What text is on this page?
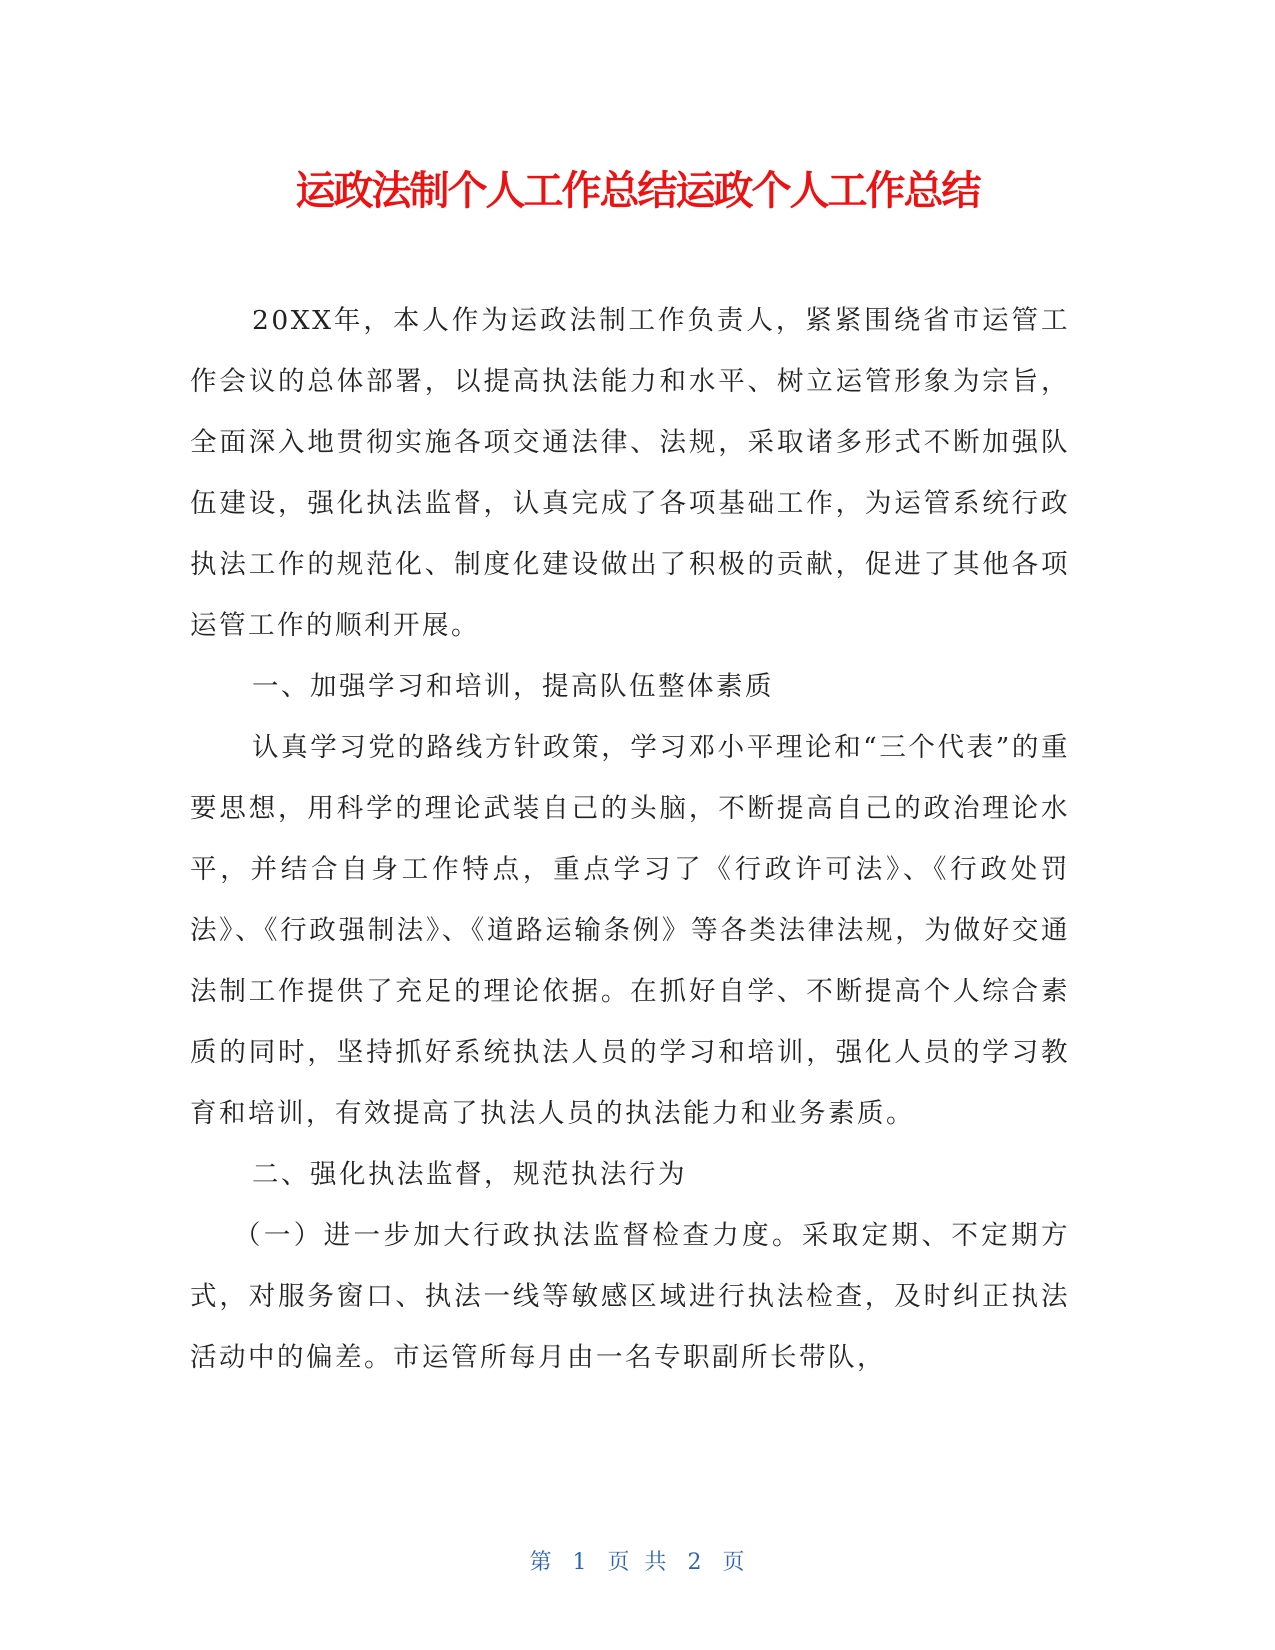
运政法制个人工作总结运政个人工作总结

20XX年，本人作为运政法制工作负责人，紧紧围绕省市运管工作会议的总体部署，以提高执法能力和水平、树立运管形象为宗旨，全面深入地贯彻实施各项交通法律、法规，采取诸多形式不断加强队伍建设，强化执法监督，认真完成了各项基础工作，为运管系统行政执法工作的规范化、制度化建设做出了积极的贡献，促进了其他各项运管工作的顺利开展。

一、加强学习和培训，提高队伍整体素质

认真学习党的路线方针政策，学习邓小平理论和“三个代表”的重要思想，用科学的理论武装自己的头脑，不断提高自己的政治理论水平，并结合自身工作特点，重点学习了《行政许可法》、《行政处罚法》、《行政强制法》、《道路运输条例》等各类法律法规，为做好交通法制工作提供了充足的理论依据。在抓好自学、不断提高个人综合素质的同时，坚持抓好系统执法人员的学习和培训，强化人员的学习教育和培训，有效提高了执法人员的执法能力和业务素质。

二、强化执法监督，规范执法行为

（一）进一步加大行政执法监督检查力度。采取定期、不定期方式，对服务窗口、执法一线等敏感区域进行执法检查，及时纠正执法活动中的偏差。市运管所每月由一名专职副所长带队，

第 1 页 共 2 页
